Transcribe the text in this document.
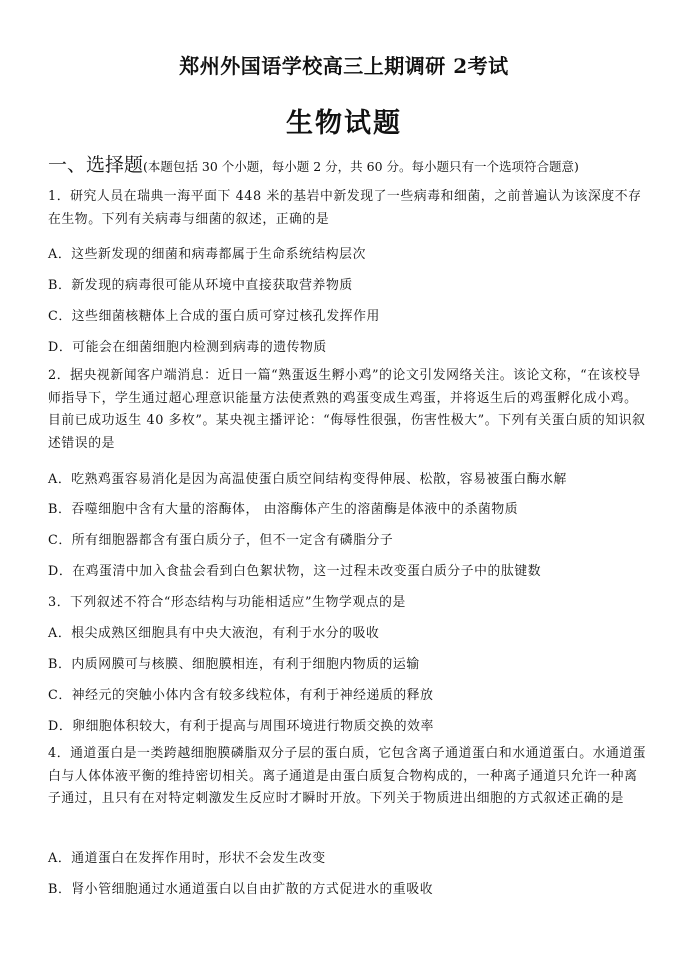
郑州外国语学校高三上期调研 2考试
生物试题
一、选择题(本题包括 30 个小题，每小题 2 分，共 60 分。每小题只有一个选项符合题意)
1．研究人员在瑞典一海平面下 448 米的基岩中新发现了一些病毒和细菌，之前普遍认为该深度不存在生物。下列有关病毒与细菌的叙述，正确的是
A．这些新发现的细菌和病毒都属于生命系统结构层次
B．新发现的病毒很可能从环境中直接获取营养物质
C．这些细菌核糖体上合成的蛋白质可穿过核孔发挥作用
D．可能会在细菌细胞内检测到病毒的遗传物质
2．据央视新闻客户端消息：近日一篇“熟蛋返生孵小鸡”的论文引发网络关注。该论文称，“在该校导师指导下，学生通过超心理意识能量方法使煮熟的鸡蛋变成生鸡蛋，并将返生后的鸡蛋孵化成小鸡。 目前已成功返生 40 多枚”。某央视主播评论：“侮辱性很强，伤害性极大”。下列有关蛋白质的知识叙述错误的是
A．吃熟鸡蛋容易消化是因为高温使蛋白质空间结构变得伸展、松散，容易被蛋白酶水解
B．吞噬细胞中含有大量的溶酶体， 由溶酶体产生的溶菌酶是体液中的杀菌物质
C．所有细胞器都含有蛋白质分子，但不一定含有磷脂分子
D．在鸡蛋清中加入食盐会看到白色絮状物，这一过程未改变蛋白质分子中的肽键数
3．下列叙述不符合“形态结构与功能相适应”生物学观点的是
A．根尖成熟区细胞具有中央大液泡，有利于水分的吸收
B．内质网膜可与核膜、细胞膜相连，有利于细胞内物质的运输
C．神经元的突触小体内含有较多线粒体，有利于神经递质的释放
D．卵细胞体积较大，有利于提高与周围环境进行物质交换的效率
4．通道蛋白是一类跨越细胞膜磷脂双分子层的蛋白质，它包含离子通道蛋白和水通道蛋白。水通道蛋白与人体体液平衡的维持密切相关。离子通道是由蛋白质复合物构成的，一种离子通道只允许一种离子通过，且只有在对特定刺激发生反应时才瞬时开放。下列关于物质进出细胞的方式叙述正确的是
A．通道蛋白在发挥作用时，形状不会发生改变
B．肾小管细胞通过水通道蛋白以自由扩散的方式促进水的重吸收
